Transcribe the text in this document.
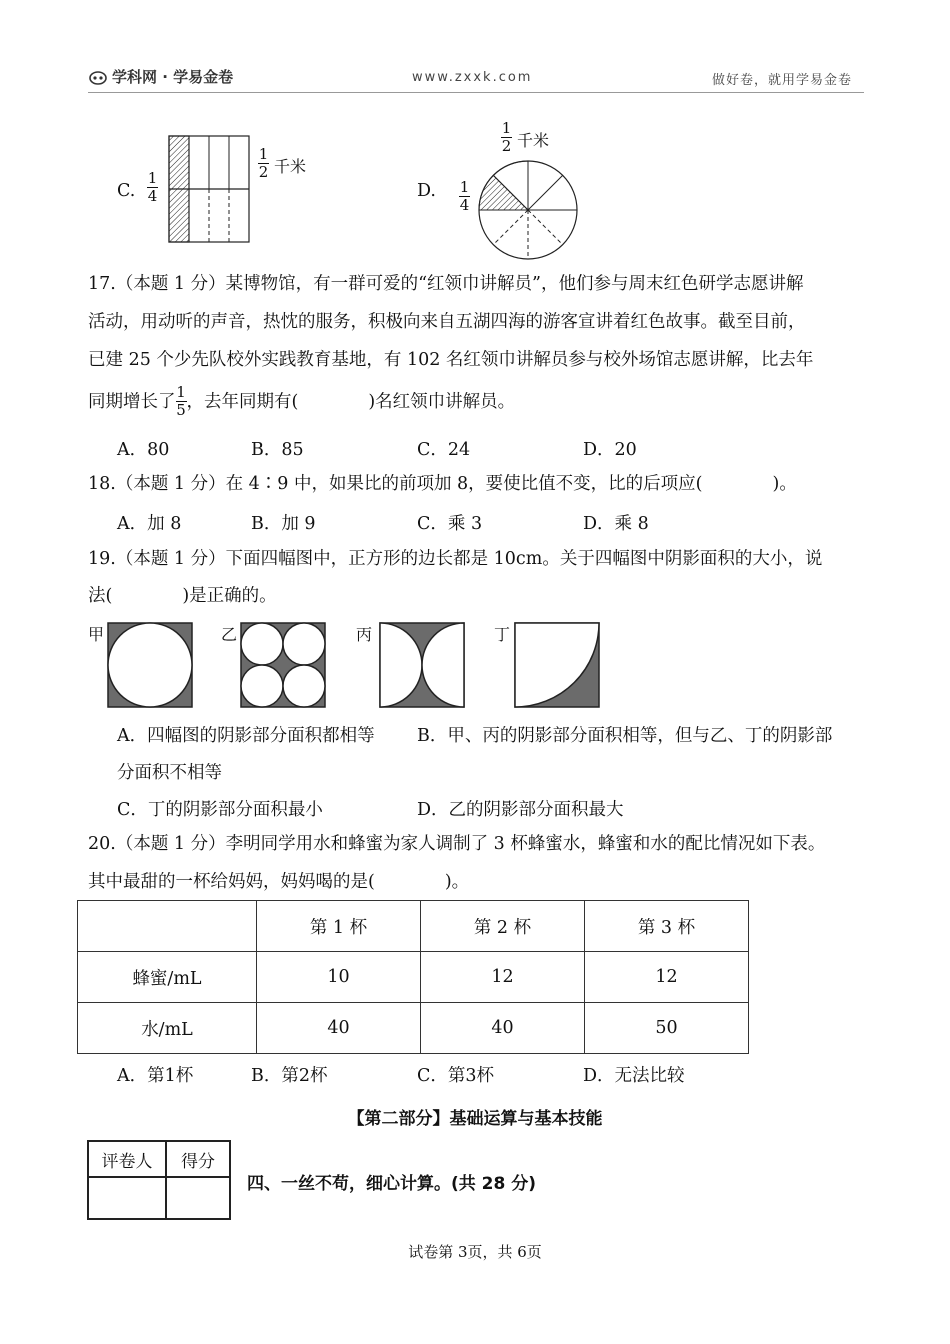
学科网 · 学易金卷	www.zxxk.com	做好卷，就用学易金卷
C.
1
4
1
2 千米
D. 1
4
1
2 千米
17.（本题 1 分）某博物馆，有一群可爱的“红领巾讲解员”，他们参与周末红色研学志愿讲解
活动，用动听的声音，热忱的服务，积极向来自五湖四海的游客宣讲着红色故事。截至目前，
已建 25 个少先队校外实践教育基地，有 102 名红领巾讲解员参与校外场馆志愿讲解，比去年
同期增长了 $\frac{1}{5}$ ，去年同期有(　　　　)名红领巾讲解员。
A．80	B．85	C．24	D．20
18.（本题 1 分）在 4∶9 中，如果比的前项加 8，要使比值不变，比的后项应(　　　　)。
A．加 8	B．加 9	C．乘 3	D．乘 8
19.（本题 1 分）下面四幅图中，正方形的边长都是 10cm。关于四幅图中阴影面积的大小，说
法(　　　　)是正确的。
甲	乙	丙	丁
A．四幅图的阴影部分面积都相等 B．甲、丙的阴影部分面积相等，但与乙、丁的阴影部
分面积不相等
C．丁的阴影部分面积最小	D．乙的阴影部分面积最大
20.（本题 1 分）李明同学用水和蜂蜜为家人调制了 3 杯蜂蜜水，蜂蜜和水的配比情况如下表。
其中最甜的一杯给妈妈，妈妈喝的是(　　　　)。
	第 1 杯	第 2 杯	第 3 杯
蜂蜜/mL	10	12	12
水/mL	40	40	50
A．第1杯	B．第2杯	C．第3杯	D．无法比较
【第二部分】基础运算与基本技能
评卷人	得分

四、一丝不苟，细心计算。(共 28 分)
试卷第 3页，共 6页
